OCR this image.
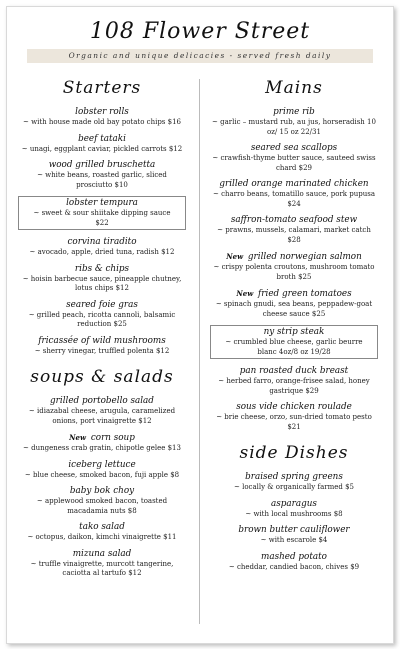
108 Flower Street
Organic and unique delicacies - served fresh daily
Starters
lobster rolls
~ with house made old bay potato chips $16
beef tataki
~ unagi, eggplant caviar, pickled carrots $12
wood grilled bruschetta
~ white beans, roasted garlic, sliced prosciutto $10
lobster tempura
~ sweet & sour shiitake dipping sauce $22
corvina tiradito
~ avocado, apple, dried tuna, radish $12
ribs & chips
~ hoisin barbecue sauce, pineapple chutney, lotus chips $12
seared foie gras
~ grilled peach, ricotta cannoli, balsamic reduction $25
fricassée of wild mushrooms
~ sherry vinegar, truffled polenta $12
soups & salads
grilled portobello salad
~ idiazabal cheese, arugula, caramelized onions, port vinaigrette $12
New corn soup
~ dungeness crab gratin, chipotle gelee $13
iceberg lettuce
~ blue cheese, smoked bacon, fuji apple $8
baby bok choy
~ applewood smoked bacon, toasted macadamia nuts $8
tako salad
~ octopus, daikon, kimchi vinaigrette $11
mizuna salad
~ truffle vinaigrette, murcott tangerine, caciotta al tartufo $12
Mains
prime rib
~ garlic – mustard rub, au jus, horseradish 10 oz/ 15 oz 22/31
seared sea scallops
~ crawfish-thyme butter sauce, sauteed swiss chard $29
grilled orange marinated chicken
~ charro beans, tomatillo sauce, pork pupusa $24
saffron-tomato seafood stew
~ prawns, mussels, calamari, market catch $28
New grilled norwegian salmon
~ crispy polenta croutons, mushroom tomato broth $25
New fried green tomatoes
~ spinach gnudi, sea beans, peppadew-goat cheese sauce $25
ny strip steak
~ crumbled blue cheese, garlic beurre blanc 4oz/8 oz 19/28
pan roasted duck breast
~ herbed farro, orange-frisee salad, honey gastrique $29
sous vide chicken roulade
~ brie cheese, orzo, sun-dried tomato pesto $21
side Dishes
braised spring greens
~ locally & organically farmed $5
asparagus
~ with local mushrooms $8
brown butter cauliflower
~ with escarole $4
mashed potato
~ cheddar, candied bacon, chives $9
